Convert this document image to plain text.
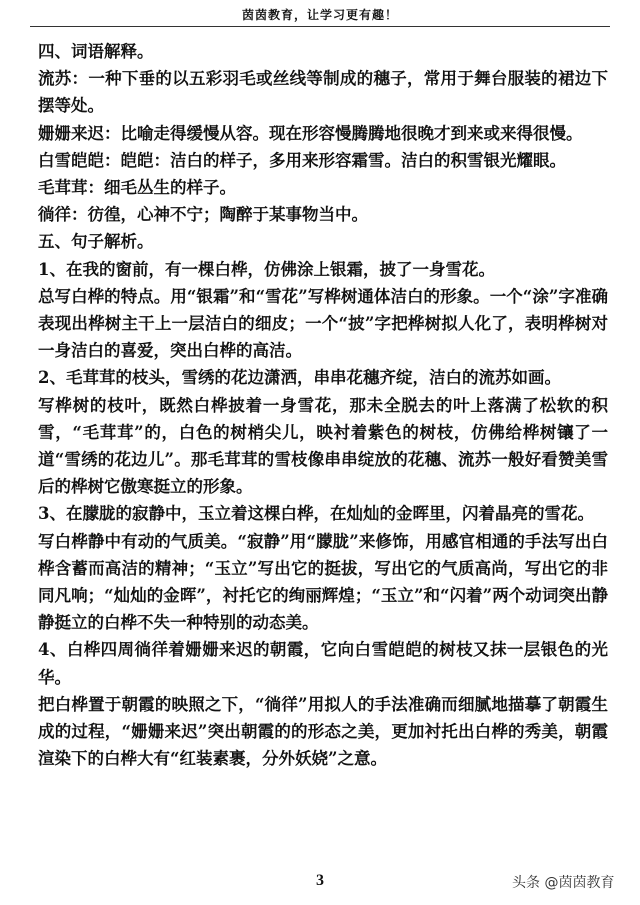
茵茵教育，让学习更有趣！

四、词语解释。

流苏：一种下垂的以五彩羽毛或丝线等制成的穗子，常用于舞台服装的裙边下摆等处。

姗姗来迟：比喻走得缓慢从容。现在形容慢腾腾地很晚才到来或来得很慢。

白雪皑皑：皑皑：洁白的样子，多用来形容霜雪。洁白的积雪银光耀眼。

毛茸茸：细毛丛生的样子。

徜徉：彷徨，心神不宁；陶醉于某事物当中。

五、句子解析。

1、在我的窗前，有一棵白桦，仿佛涂上银霜，披了一身雪花。

总写白桦的特点。用“银霜”和“雪花”写桦树通体洁白的形象。一个“涂”字准确表现出桦树主干上一层洁白的细皮；一个“披”字把桦树拟人化了，表明桦树对一身洁白的喜爱，突出白桦的高洁。

2、毛茸茸的枝头，雪绣的花边潇洒，串串花穗齐绽，洁白的流苏如画。

写桦树的枝叶，既然白桦披着一身雪花，那未全脱去的叶上落满了松软的积雪，“毛茸茸”的，白色的树梢尖儿，映衬着紫色的树枝，仿佛给桦树镶了一道“雪绣的花边儿”。那毛茸茸的雪枝像串串绽放的花穗、流苏一般好看赞美雪后的桦树它傲寒挺立的形象。

3、在朦胧的寂静中，玉立着这棵白桦，在灿灿的金晖里，闪着晶亮的雪花。

写白桦静中有动的气质美。“寂静”用“朦胧”来修饰，用感官相通的手法写出白桦含蓄而高洁的精神；“玉立”写出它的挺拔，写出它的气质高尚，写出它的非同凡响；“灿灿的金晖”，衬托它的绚丽辉煌；“玉立”和“闪着”两个动词突出静静挺立的白桦不失一种特别的动态美。

4、白桦四周徜徉着姗姗来迟的朝霞，它向白雪皑皑的树枝又抹一层银色的光华。

把白桦置于朝霞的映照之下，“徜徉”用拟人的手法准确而细腻地描摹了朝霞生成的过程，“姗姗来迟”突出朝霞的的形态之美，更加衬托出白桦的秀美，朝霞渲染下的白桦大有“红装素裹，分外妖娆”之意。

3	头条 @茵茵教育
